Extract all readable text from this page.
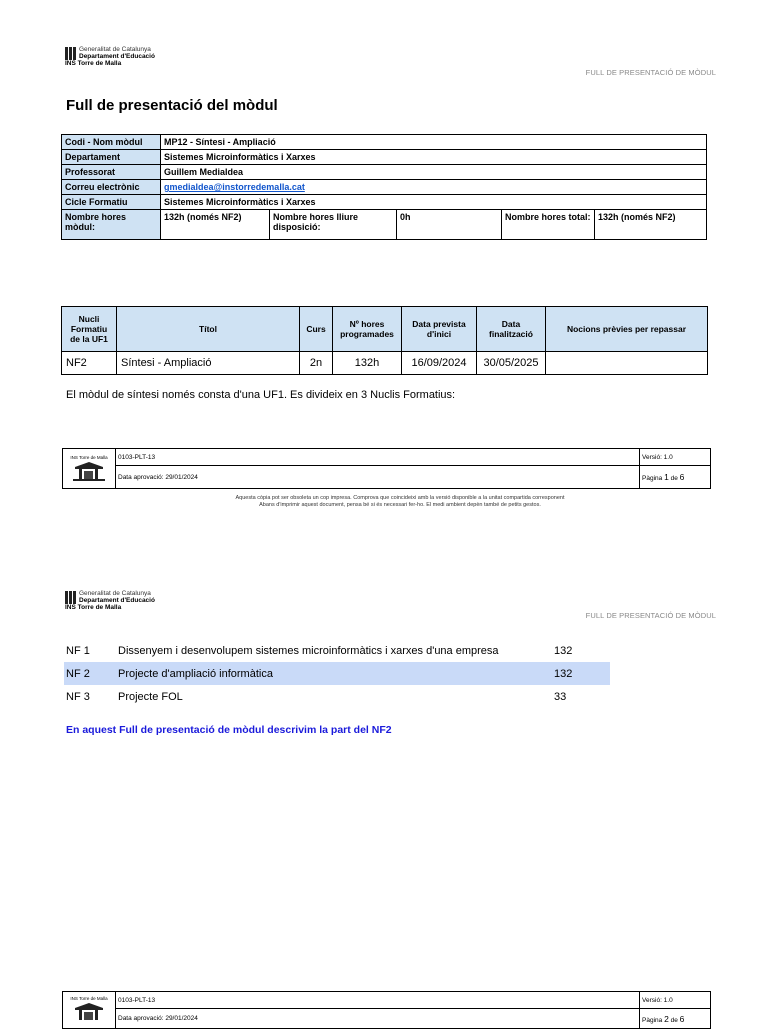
Generalitat de Catalunya
Departament d'Educació
INS Torre de Malla
FULL DE PRESENTACIÓ DE MÒDUL
Full de presentació del mòdul
Codi - Nom mòdul	MP12 - Síntesi - Ampliació				
Departament	Sistemes Microinformàtics i Xarxes				
Professorat	Guillem Medialdea				
Correu electrònic	gmedialdea@instorredemalla.cat				
Cicle Formatiu	Sistemes Microinformàtics i Xarxes				
Nombre hores mòdul:	132h (només NF2)	Nombre hores lliure disposició:	0h	Nombre hores total:	132h (només NF2)
Nucli Formatiu de la UF1	Títol	Curs	Nº hores programades	Data prevista d'inici	Data finalització	Nocions prèvies per repassar
NF2	Síntesi - Ampliació	2n	132h	16/09/2024	30/05/2025	
El mòdul de síntesi només consta d'una UF1. Es divideix en 3 Nuclis Formatius:
INS Torre de Malla	0103-PLT-13	Versió: 1.0
	Data aprovació: 29/01/2024	Pàgina 1 de 6
Aquesta còpia pot ser obsoleta un cop impresa. Comprova que coincideixi amb la versió disponible a la unitat compartida corresponent
Abans d'imprimir aquest document, pensa bé si és necessari fer-ho. El medi ambient depèn també de petits gestos.
Generalitat de Catalunya
Departament d'Educació
INS Torre de Malla
FULL DE PRESENTACIÓ DE MÒDUL
NF 1	Dissenyem i desenvolupem sistemes microinformàtics i xarxes d'una empresa	132
NF 2	Projecte d'ampliació informàtica	132
NF 3	Projecte FOL	33
En aquest Full de presentació de mòdul descrivim la part del NF2
INS Torre de Malla	0103-PLT-13	Versió: 1.0
	Data aprovació: 29/01/2024	Pàgina 2 de 6
